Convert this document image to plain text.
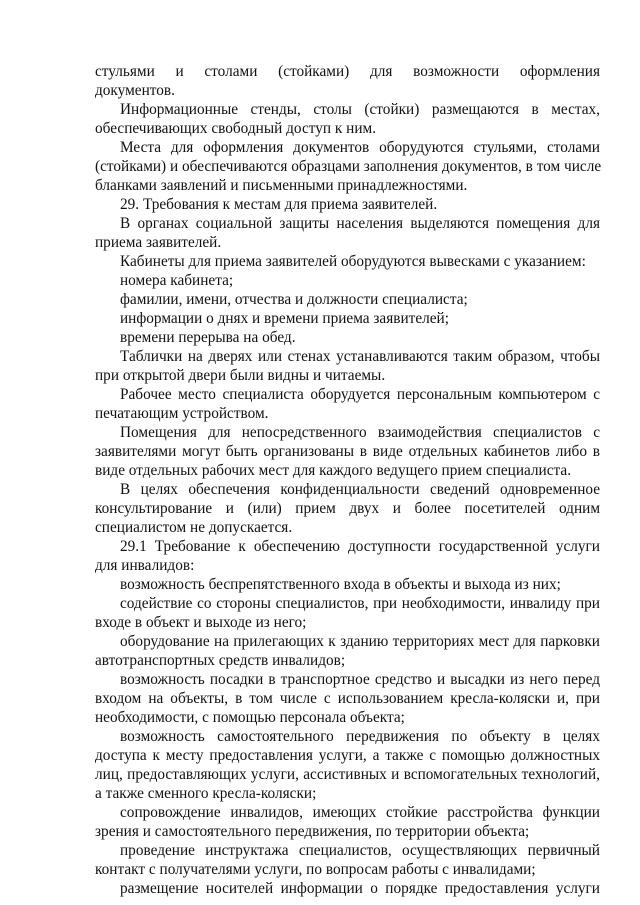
стульями и столами (стойками) для возможности оформления
документов.
Информационные стенды, столы (стойки) размещаются в местах,
обеспечивающих свободный доступ к ним.
Места для оформления документов оборудуются стульями, столами
(стойками) и обеспечиваются образцами заполнения документов, в том числе
бланками заявлений и письменными принадлежностями.
29. Требования к местам для приема заявителей.
В органах социальной защиты населения выделяются помещения для
приема заявителей.
Кабинеты для приема заявителей оборудуются вывесками с указанием:
номера кабинета;
фамилии, имени, отчества и должности специалиста;
информации о днях и времени приема заявителей;
времени перерыва на обед.
Таблички на дверях или стенах устанавливаются таким образом, чтобы
при открытой двери были видны и читаемы.
Рабочее место специалиста оборудуется персональным компьютером с
печатающим устройством.
Помещения для непосредственного взаимодействия специалистов с
заявителями могут быть организованы в виде отдельных кабинетов либо в
виде отдельных рабочих мест для каждого ведущего прием специалиста.
В целях обеспечения конфиденциальности сведений одновременное
консультирование и (или) прием двух и более посетителей одним
специалистом не допускается.
29.1 Требование к обеспечению доступности государственной услуги
для инвалидов:
возможность беспрепятственного входа в объекты и выхода из них;
содействие со стороны специалистов, при необходимости, инвалиду при
входе в объект и выходе из него;
оборудование на прилегающих к зданию территориях мест для парковки
автотранспортных средств инвалидов;
возможность посадки в транспортное средство и высадки из него перед
входом на объекты, в том числе с использованием кресла-коляски и, при
необходимости, с помощью персонала объекта;
возможность самостоятельного передвижения по объекту в целях
доступа к месту предоставления услуги, а также с помощью должностных
лиц, предоставляющих услуги, ассистивных и вспомогательных технологий,
а также сменного кресла-коляски;
сопровождение инвалидов, имеющих стойкие расстройства функции
зрения и самостоятельного передвижения, по территории объекта;
проведение инструктажа специалистов, осуществляющих первичный
контакт с получателями услуги, по вопросам работы с инвалидами;
размещение носителей информации о порядке предоставления услуги
